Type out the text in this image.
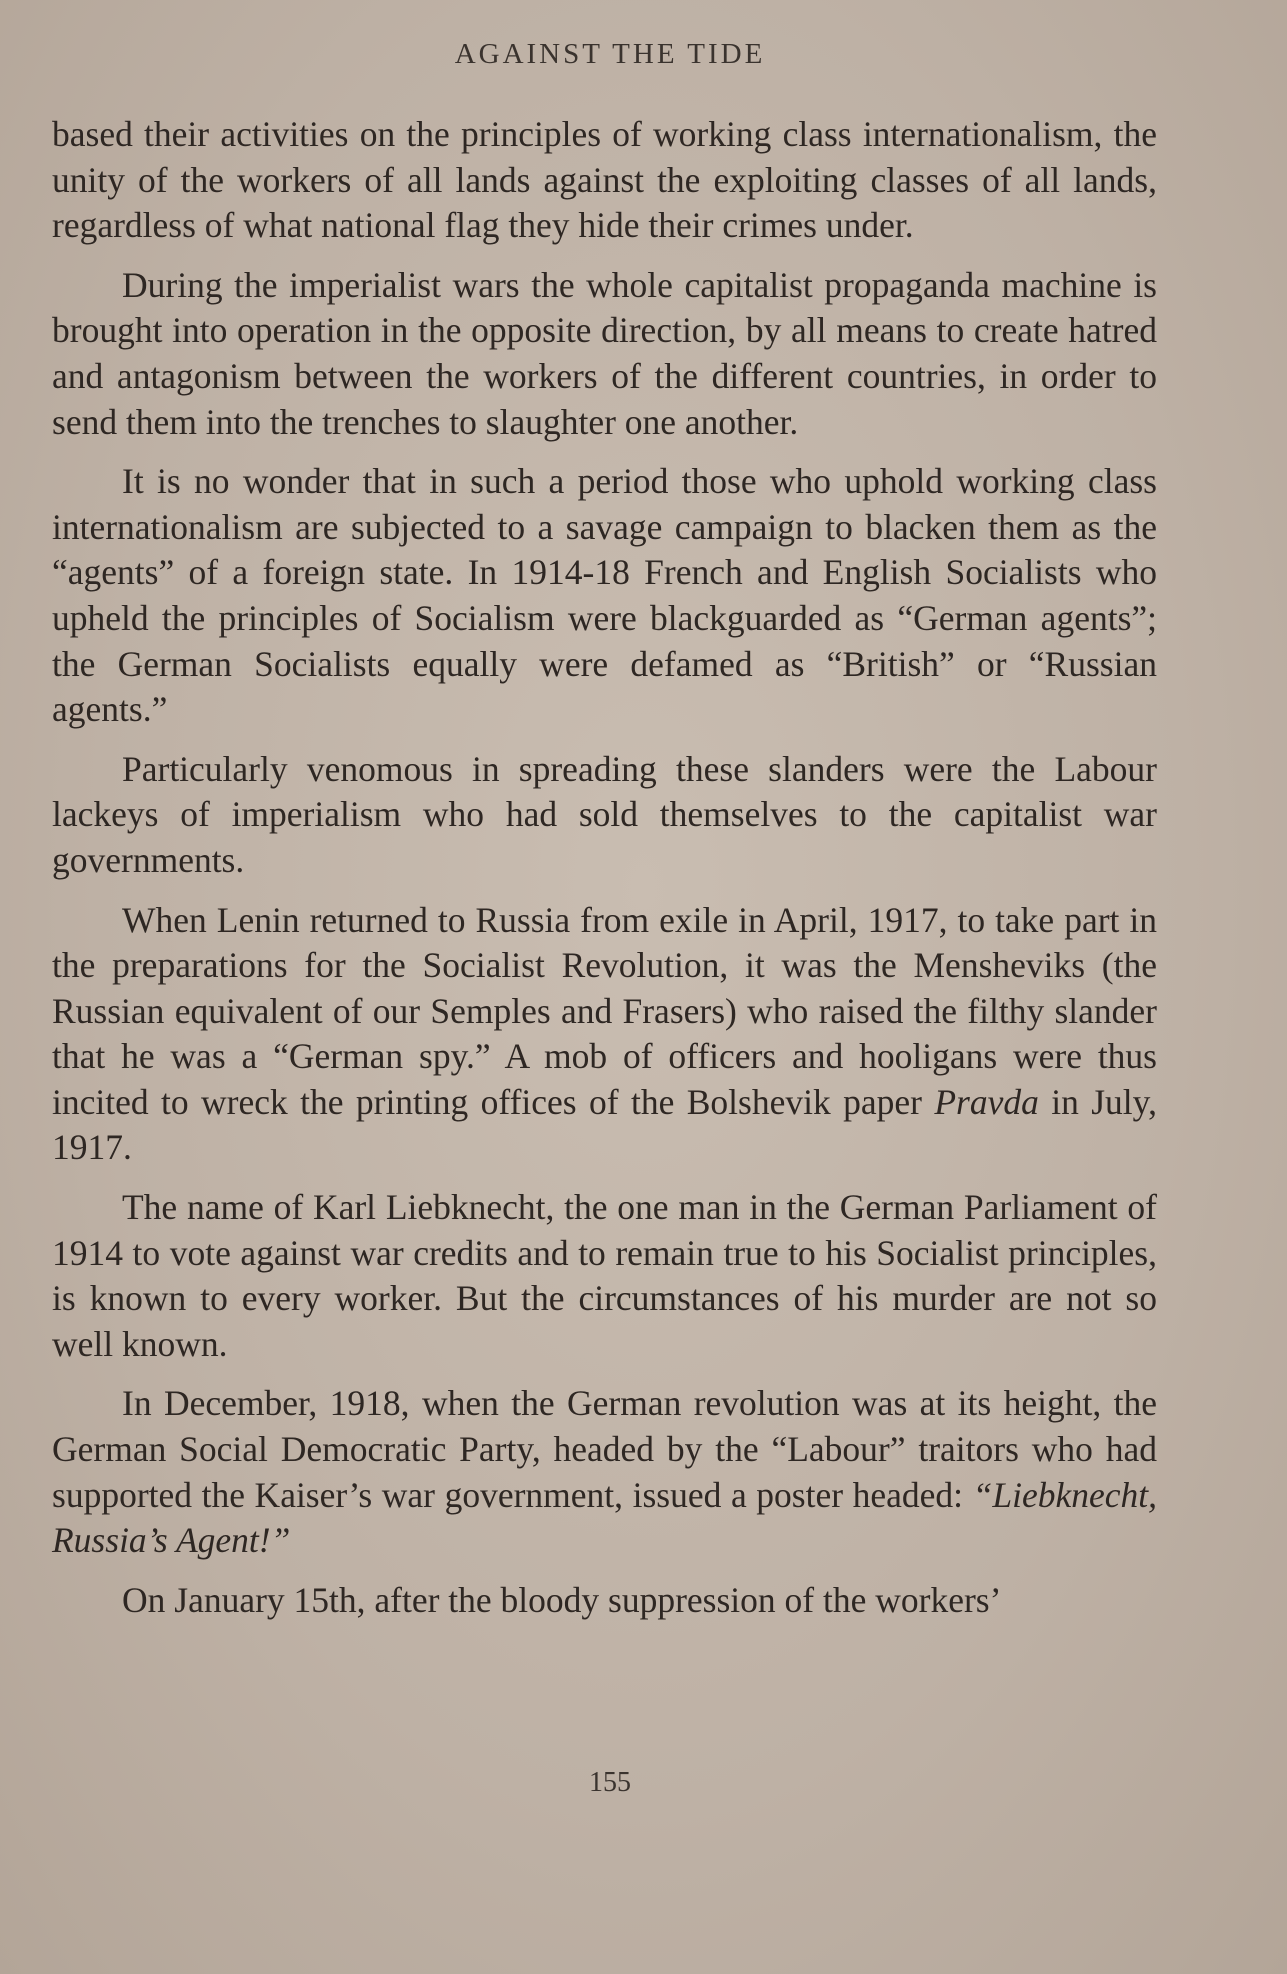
AGAINST THE TIDE

based their activities on the principles of working class internationalism, the unity of the workers of all lands against the exploiting classes of all lands, regardless of what national flag they hide their crimes under.

During the imperialist wars the whole capitalist propaganda machine is brought into operation in the opposite direction, by all means to create hatred and antagonism between the workers of the different countries, in order to send them into the trenches to slaughter one another.

It is no wonder that in such a period those who uphold working class internationalism are subjected to a savage campaign to blacken them as the “agents” of a foreign state. In 1914-18 French and English Socialists who upheld the principles of Socialism were blackguarded as “German agents”; the German Socialists equally were defamed as “British” or “Russian agents.”

Particularly venomous in spreading these slanders were the Labour lackeys of imperialism who had sold themselves to the capitalist war governments.

When Lenin returned to Russia from exile in April, 1917, to take part in the preparations for the Socialist Revolution, it was the Mensheviks (the Russian equivalent of our Semples and Frasers) who raised the filthy slander that he was a “German spy.” A mob of officers and hooligans were thus incited to wreck the printing offices of the Bolshevik paper Pravda in July, 1917.

The name of Karl Liebknecht, the one man in the German Parliament of 1914 to vote against war credits and to remain true to his Socialist principles, is known to every worker. But the circumstances of his murder are not so well known.

In December, 1918, when the German revolution was at its height, the German Social Democratic Party, headed by the “Labour” traitors who had supported the Kaiser’s war government, issued a poster headed: “Liebknecht, Russia’s Agent!”

On January 15th, after the bloody suppression of the workers’

155
